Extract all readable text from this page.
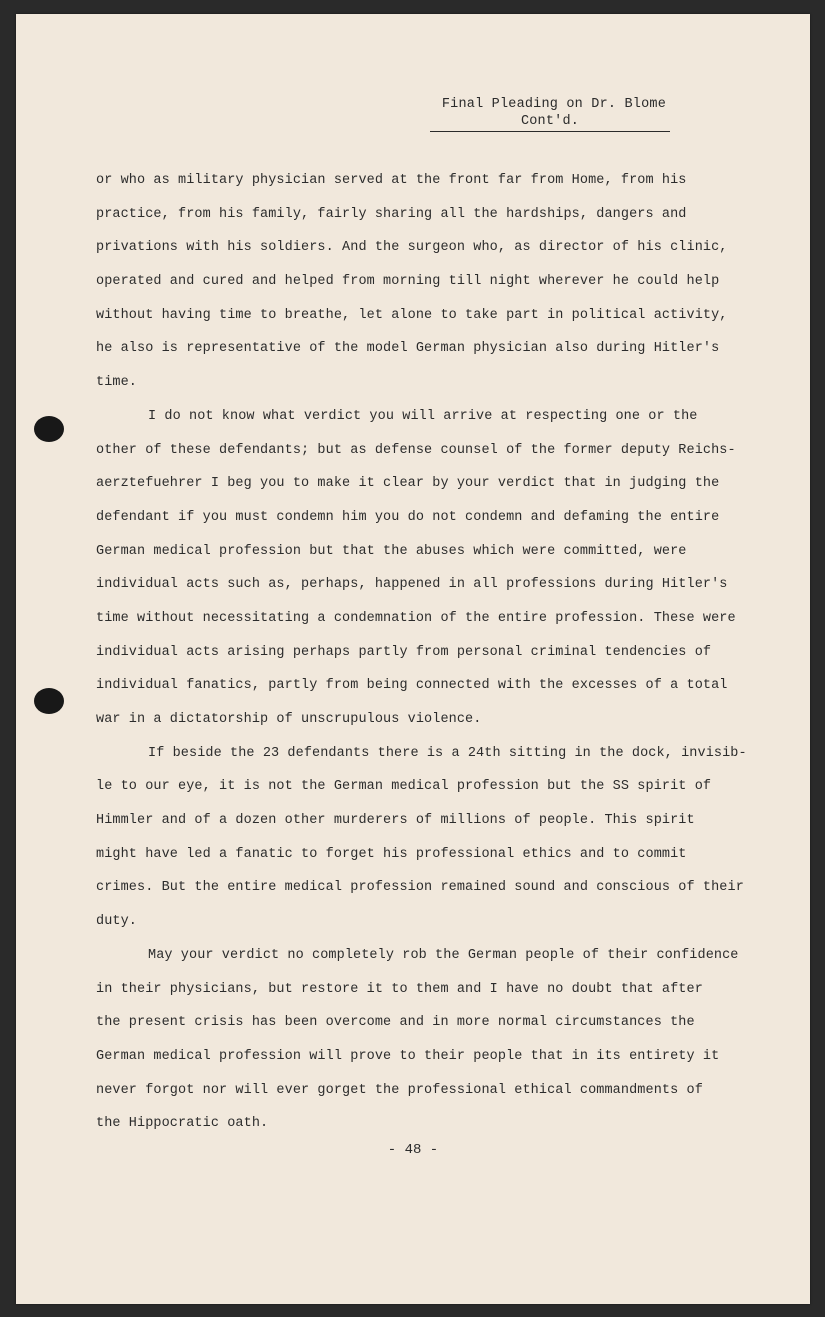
Final Pleading on Dr. Blome
Cont'd.
or who as military physician served at the front far from Home, from his
practice, from his family, fairly sharing all the hardships, dangers and
privations with his soldiers. And the surgeon who, as director of his clinic,
operated and cured and helped from morning till night wherever he could help
without having time to breathe, let alone to take part in political activity,
he also is representative of the model German physician also during Hitler's
time.
I do not know what verdict you will arrive at respecting one or the
other of these defendants; but as defense counsel of the former deputy Reichs-
aerztefuehrer I beg you to make it clear by your verdict that in judging the
defendant if you must condemn him you do not condemn and defaming the entire
German medical profession but that the abuses which were committed, were
individual acts such as, perhaps, happened in all professions during Hitler's
time without necessitating a condemnation of the entire profession. These were
individual acts arising perhaps partly from personal criminal tendencies of
individual fanatics, partly from being connected with the excesses of a total
war in a dictatorship of unscrupulous violence.
If beside the 23 defendants there is a 24th sitting in the dock, invisib-
le to our eye, it is not the German medical profession but the SS spirit of
Himmler and of a dozen other murderers of millions of people. This spirit
might have led a fanatic to forget his professional ethics and to commit
crimes. But the entire medical profession remained sound and conscious of their
duty.
May your verdict no completely rob the German people of their confidence
in their physicians, but restore it to them and I have no doubt that after
the present crisis has been overcome and in more normal circumstances the
German medical profession will prove to their people that in its entirety it
never forgot nor will ever gorget the professional ethical commandments of
the Hippocratic oath.
- 48 -
